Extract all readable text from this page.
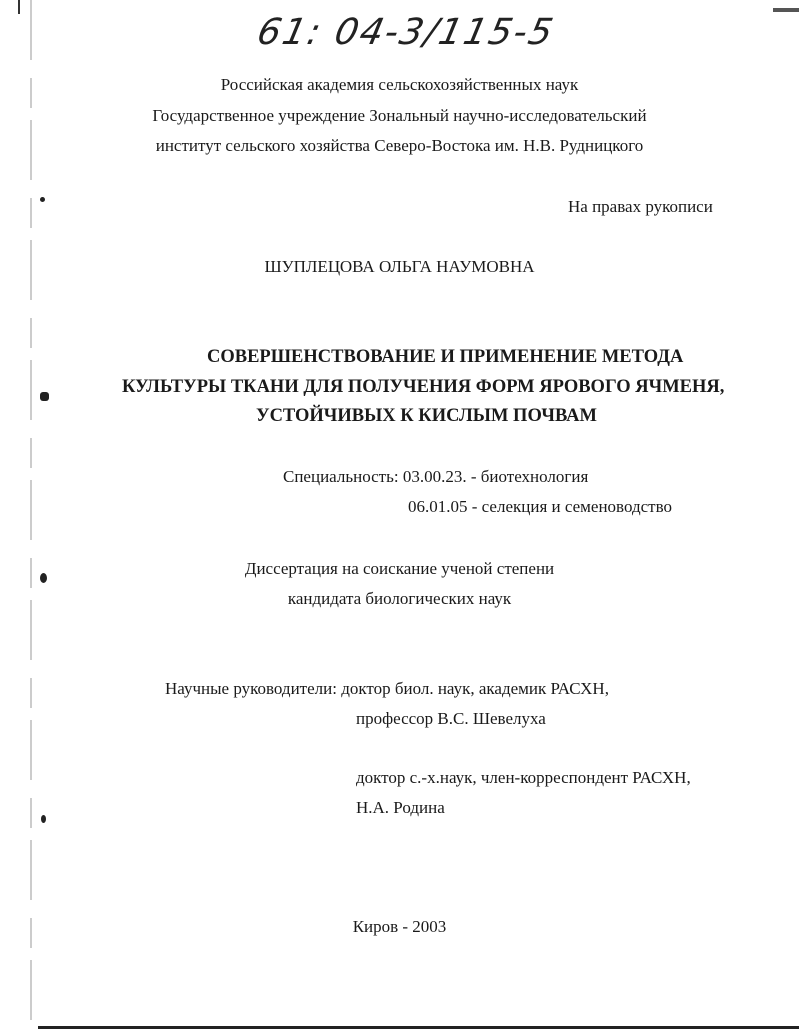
61: 04-3/115-5
Российская академия сельскохозяйственных наук
Государственное учреждение Зональный научно-исследовательский
институт сельского хозяйства Северо-Востока им. Н.В. Рудницкого
На правах рукописи
ШУПЛЕЦОВА ОЛЬГА НАУМОВНА
СОВЕРШЕНСТВОВАНИЕ И ПРИМЕНЕНИЕ МЕТОДА
КУЛЬТУРЫ ТКАНИ ДЛЯ ПОЛУЧЕНИЯ ФОРМ ЯРОВОГО ЯЧМЕНЯ,
УСТОЙЧИВЫХ К КИСЛЫМ ПОЧВАМ
Специальность: 03.00.23. - биотехнология
06.01.05 - селекция и семеноводство
Диссертация на соискание ученой степени
кандидата биологических наук
Научные руководители: доктор биол. наук, академик РАСХН,
профессор В.С. Шевелуха
доктор с.-х.наук, член-корреспондент РАСХН,
Н.А. Родина
Киров - 2003
